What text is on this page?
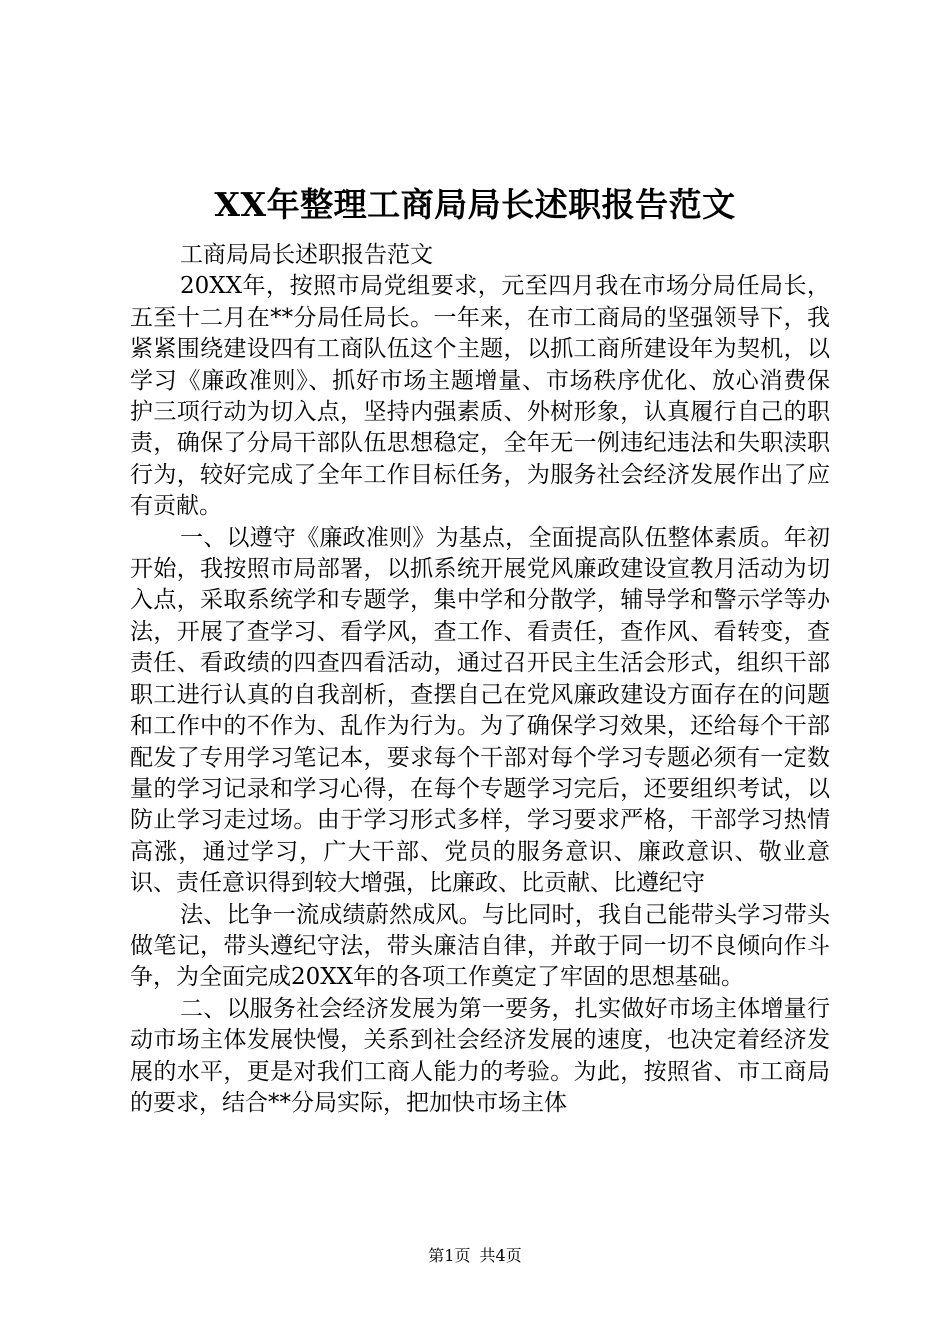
XX年整理工商局局长述职报告范文

工商局局长述职报告范文

20XX年，按照市局党组要求，元至四月我在市场分局任局长，五至十二月在**分局任局长。一年来，在市工商局的坚强领导下，我紧紧围绕建设四有工商队伍这个主题，以抓工商所建设年为契机，以学习《廉政准则》、抓好市场主题增量、市场秩序优化、放心消费保护三项行动为切入点，坚持内强素质、外树形象，认真履行自己的职责，确保了分局干部队伍思想稳定，全年无一例违纪违法和失职渎职行为，较好完成了全年工作目标任务，为服务社会经济发展作出了应有贡献。

一、以遵守《廉政准则》为基点，全面提高队伍整体素质。年初开始，我按照市局部署，以抓系统开展党风廉政建设宣教月活动为切入点，采取系统学和专题学，集中学和分散学，辅导学和警示学等办法，开展了查学习、看学风，查工作、看责任，查作风、看转变，查责任、看政绩的四查四看活动，通过召开民主生活会形式，组织干部职工进行认真的自我剖析，查摆自己在党风廉政建设方面存在的问题和工作中的不作为、乱作为行为。为了确保学习效果，还给每个干部配发了专用学习笔记本，要求每个干部对每个学习专题必须有一定数量的学习记录和学习心得，在每个专题学习完后，还要组织考试，以防止学习走过场。由于学习形式多样，学习要求严格，干部学习热情高涨，通过学习，广大干部、党员的服务意识、廉政意识、敬业意识、责任意识得到较大增强，比廉政、比贡献、比遵纪守

法、比争一流成绩蔚然成风。与比同时，我自己能带头学习带头做笔记，带头遵纪守法，带头廉洁自律，并敢于同一切不良倾向作斗争，为全面完成20XX年的各项工作奠定了牢固的思想基础。

二、以服务社会经济发展为第一要务，扎实做好市场主体增量行动市场主体发展快慢，关系到社会经济发展的速度，也决定着经济发展的水平，更是对我们工商人能力的考验。为此，按照省、市工商局的要求，结合**分局实际，把加快市场主体

第1页 共4页
